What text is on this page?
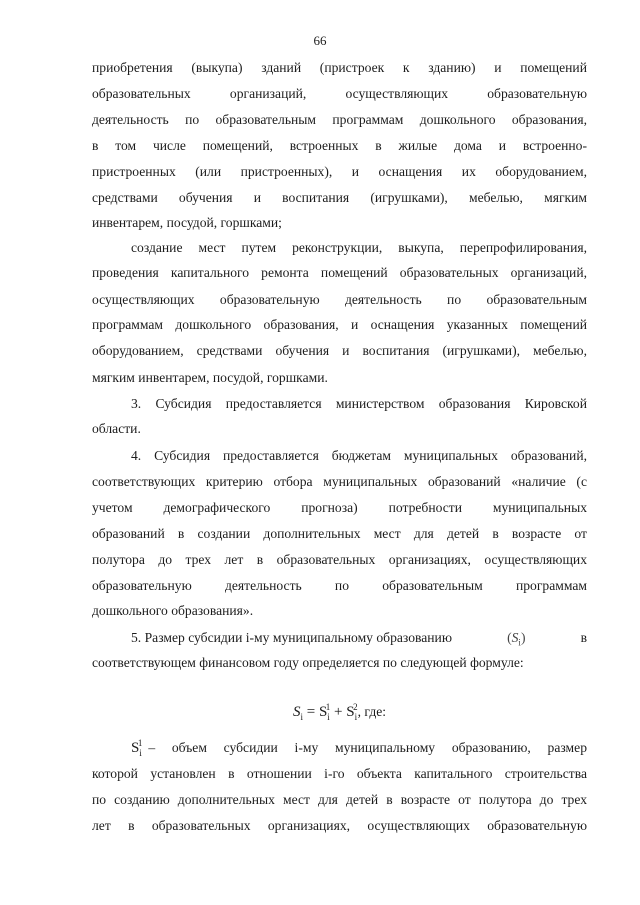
66
приобретения (выкупа) зданий (пристроек к зданию) и помещений
образовательных организаций, осуществляющих образовательную
деятельность по образовательным программам дошкольного образования,
в том числе помещений, встроенных в жилые дома и встроенно-
пристроенных (или пристроенных), и оснащения их оборудованием,
средствами обучения и воспитания (игрушками), мебелью, мягким
инвентарем, посудой, горшками;
создание мест путем реконструкции, выкупа, перепрофилирования,
проведения капитального ремонта помещений образовательных организаций,
осуществляющих образовательную деятельность по образовательным
программам дошкольного образования, и оснащения указанных помещений
оборудованием, средствами обучения и воспитания (игрушками), мебелью,
мягким инвентарем, посудой, горшками.
3. Субсидия предоставляется министерством образования Кировской
области.
4. Субсидия предоставляется бюджетам муниципальных образований,
соответствующих критерию отбора муниципальных образований «наличие (с
учетом демографического прогноза) потребности муниципальных
образований в создании дополнительных мест для детей в возрасте от
полутора до трех лет в образовательных организациях, осуществляющих
образовательную деятельность по образовательным программам
дошкольного образования».
5. Размер субсидии i-му муниципальному образованию	$(S_i)$	в
соответствующем финансовом году определяется по следующей формуле:
$S_i = S_i^1 + S_i^2$, где:
$S_i^1$ – объем субсидии i-му муниципальному образованию, размер
которой установлен в отношении i-го объекта капитального строительства
по созданию дополнительных мест для детей в возрасте от полутора до трех
лет в образовательных организациях, осуществляющих образовательную
